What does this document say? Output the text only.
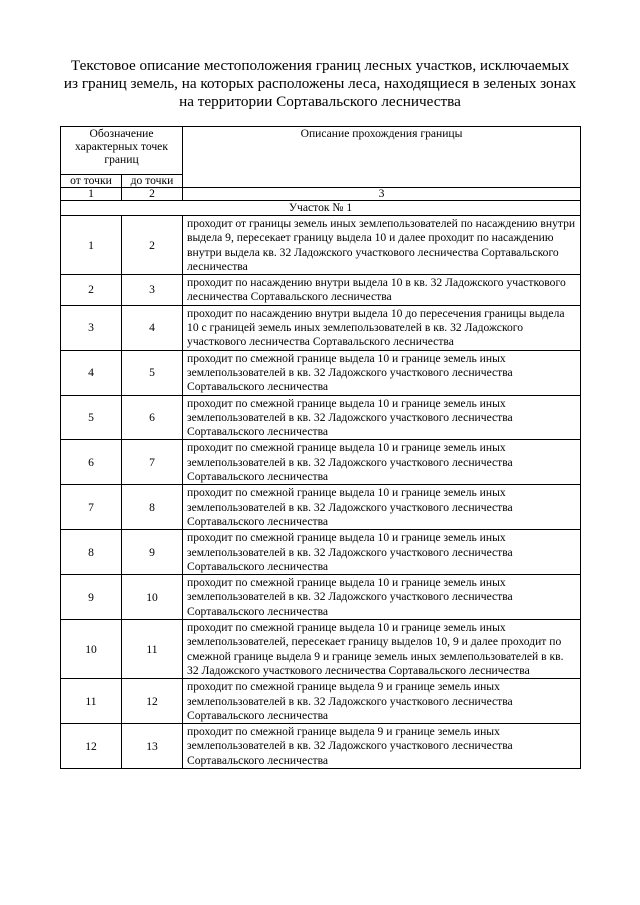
Текстовое описание местоположения границ лесных участков, исключаемых
из границ земель, на которых расположены леса, находящиеся в зеленых зонах
на территории Сортавальского лесничества
Обозначение характерных точек границ		Описание прохождения границы
от точки	до точки	
1	2	3
Участок № 1		
1	2	проходит от границы земель иных землепользователей по насаждению внутри выдела 9, пересекает границу выдела 10 и далее проходит по насаждению внутри выдела кв. 32 Ладожского участкового лесничества Сортавальского лесничества
2	3	проходит по насаждению внутри выдела 10 в кв. 32 Ладожского участкового лесничества Сортавальского лесничества
3	4	проходит по насаждению внутри выдела 10 до пересечения границы выдела 10 с границей земель иных землепользователей в кв. 32 Ладожского участкового лесничества Сортавальского лесничества
4	5	проходит по смежной границе выдела 10 и границе земель иных землепользователей в кв. 32 Ладожского участкового лесничества Сортавальского лесничества
5	6	проходит по смежной границе выдела 10 и границе земель иных землепользователей в кв. 32 Ладожского участкового лесничества Сортавальского лесничества
6	7	проходит по смежной границе выдела 10 и границе земель иных землепользователей в кв. 32 Ладожского участкового лесничества Сортавальского лесничества
7	8	проходит по смежной границе выдела 10 и границе земель иных землепользователей в кв. 32 Ладожского участкового лесничества Сортавальского лесничества
8	9	проходит по смежной границе выдела 10 и границе земель иных землепользователей в кв. 32 Ладожского участкового лесничества Сортавальского лесничества
9	10	проходит по смежной границе выдела 10 и границе земель иных землепользователей в кв. 32 Ладожского участкового лесничества Сортавальского лесничества
10	11	проходит по смежной границе выдела 10 и границе земель иных землепользователей, пересекает границу выделов 10, 9 и далее проходит по смежной границе выдела 9 и границе земель иных землепользователей в кв. 32 Ладожского участкового лесничества Сортавальского лесничества
11	12	проходит по смежной границе выдела 9 и границе земель иных землепользователей в кв. 32 Ладожского участкового лесничества Сортавальского лесничества
12	13	проходит по смежной границе выдела 9 и границе земель иных землепользователей в кв. 32 Ладожского участкового лесничества Сортавальского лесничества
